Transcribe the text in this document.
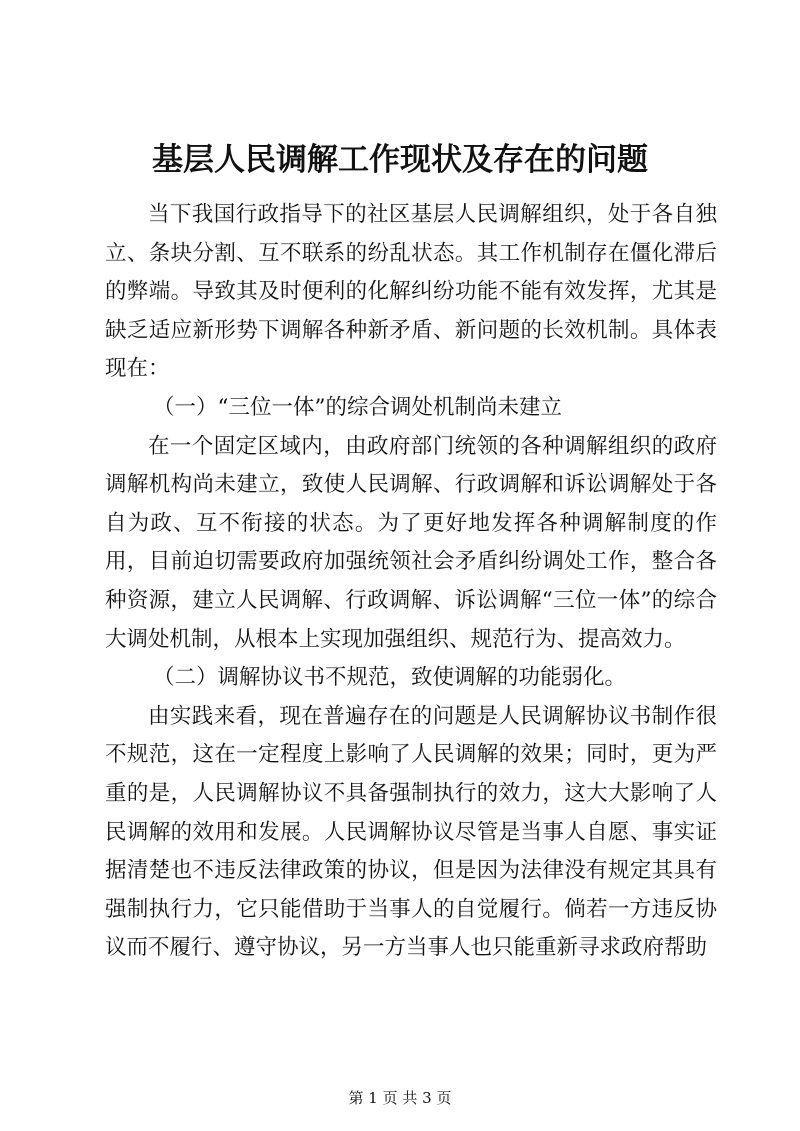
基层人民调解工作现状及存在的问题

当下我国行政指导下的社区基层人民调解组织，处于各自独立、条块分割、互不联系的纷乱状态。其工作机制存在僵化滞后的弊端。导致其及时便利的化解纠纷功能不能有效发挥，尤其是缺乏适应新形势下调解各种新矛盾、新问题的长效机制。具体表现在：

（一）“三位一体”的综合调处机制尚未建立

在一个固定区域内，由政府部门统领的各种调解组织的政府调解机构尚未建立，致使人民调解、行政调解和诉讼调解处于各自为政、互不衔接的状态。为了更好地发挥各种调解制度的作用，目前迫切需要政府加强统领社会矛盾纠纷调处工作，整合各种资源，建立人民调解、行政调解、诉讼调解“三位一体”的综合大调处机制，从根本上实现加强组织、规范行为、提高效力。

（二）调解协议书不规范，致使调解的功能弱化。

由实践来看，现在普遍存在的问题是人民调解协议书制作很不规范，这在一定程度上影响了人民调解的效果；同时，更为严重的是，人民调解协议不具备强制执行的效力，这大大影响了人民调解的效用和发展。人民调解协议尽管是当事人自愿、事实证据清楚也不违反法律政策的协议，但是因为法律没有规定其具有强制执行力，它只能借助于当事人的自觉履行。倘若一方违反协议而不履行、遵守协议，另一方当事人也只能重新寻求政府帮助

第 1 页 共 3 页
